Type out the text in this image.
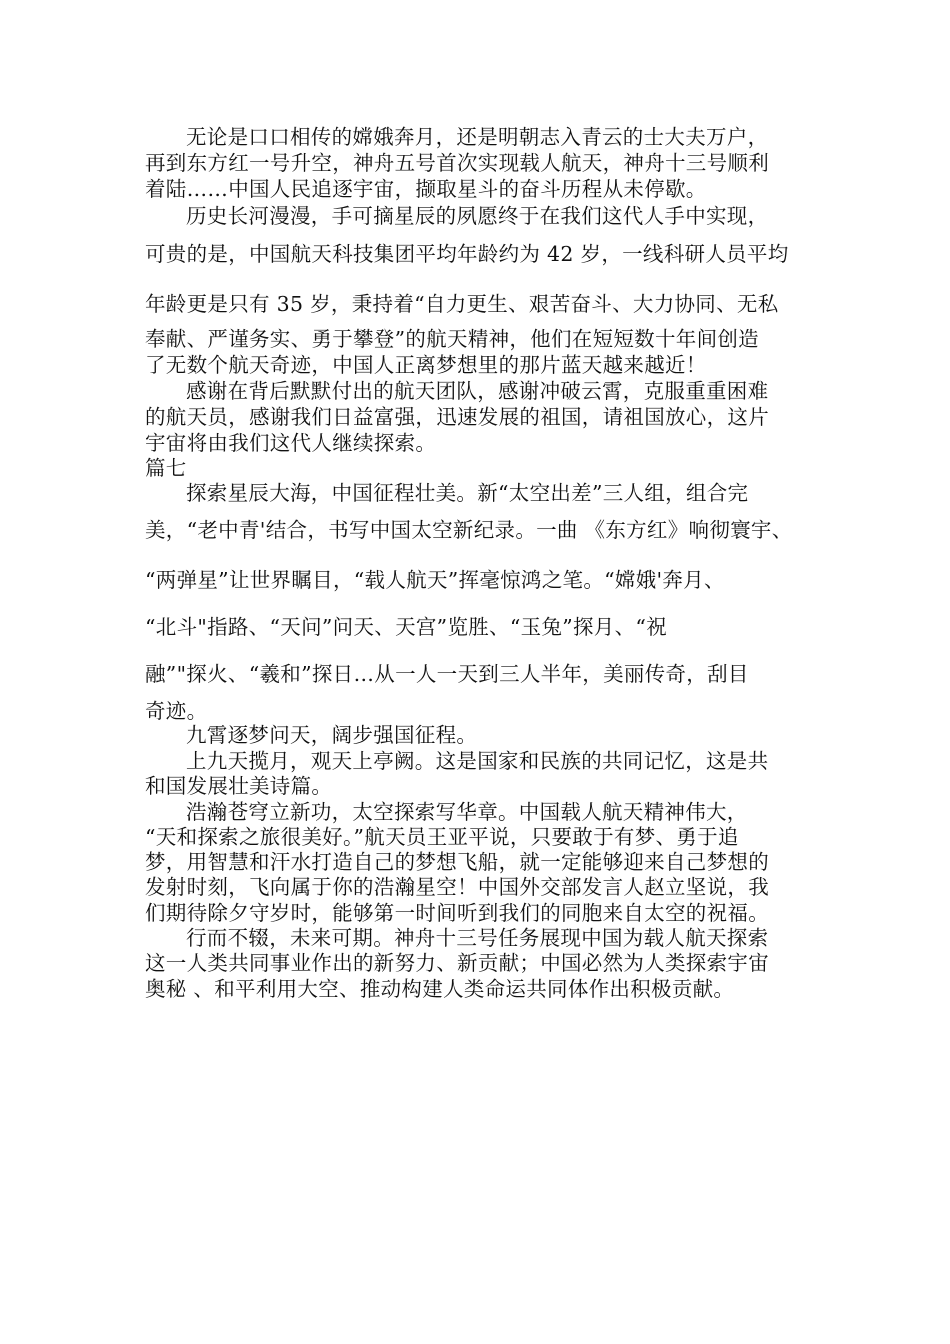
无论是口口相传的嫦娥奔月，还是明朝志入青云的士大夫万户，
再到东方红一号升空，神舟五号首次实现载人航天，神舟十三号顺利
着陆……中国人民追逐宇宙，撷取星斗的奋斗历程从未停歇。
历史长河漫漫，手可摘星辰的夙愿终于在我们这代人手中实现，
可贵的是，中国航天科技集团平均年龄约为 42 岁，一线科研人员平均
年龄更是只有 35 岁，秉持着“自力更生、艰苦奋斗、大力协同、无私
奉献、严谨务实、勇于攀登”的航天精神，他们在短短数十年间创造
了无数个航天奇迹，中国人正离梦想里的那片蓝天越来越近！
感谢在背后默默付出的航天团队，感谢冲破云霄，克服重重困难
的航天员，感谢我们日益富强，迅速发展的祖国，请祖国放心，这片
宇宙将由我们这代人继续探索。
篇七
探索星辰大海，中国征程壮美。新“太空出差”三人组，组合完
美，“老中青'结合，书写中国太空新纪录。一曲 《东方红》响彻寰宇、
“两弹星”让世界瞩目，“载人航天”挥毫惊鸿之笔。“嫦娥'奔月、
“北斗"指路、“天问”问天、天宫”览胜、“玉兔”探月、“祝
融”"探火、“羲和”探日…从一人一天到三人半年，美丽传奇，刮目
奇迹。
九霄逐梦问天，阔步强国征程。
上九天揽月，观天上亭阙。这是国家和民族的共同记忆，这是共
和国发展壮美诗篇。
浩瀚苍穹立新功，太空探索写华章。中国载人航天精神伟大，
“天和探索之旅很美好。”航天员王亚平说，只要敢于有梦、勇于追
梦，用智慧和汗水打造自己的梦想飞船，就一定能够迎来自己梦想的
发射时刻，飞向属于你的浩瀚星空！中国外交部发言人赵立坚说，我
们期待除夕守岁时，能够第一时间听到我们的同胞来自太空的祝福。
行而不辍，未来可期。神舟十三号任务展现中国为载人航天探索
这一人类共同事业作出的新努力、新贡献；中国必然为人类探索宇宙
奥秘 、和平利用大空、推动构建人类命运共同体作出积极贡献。
